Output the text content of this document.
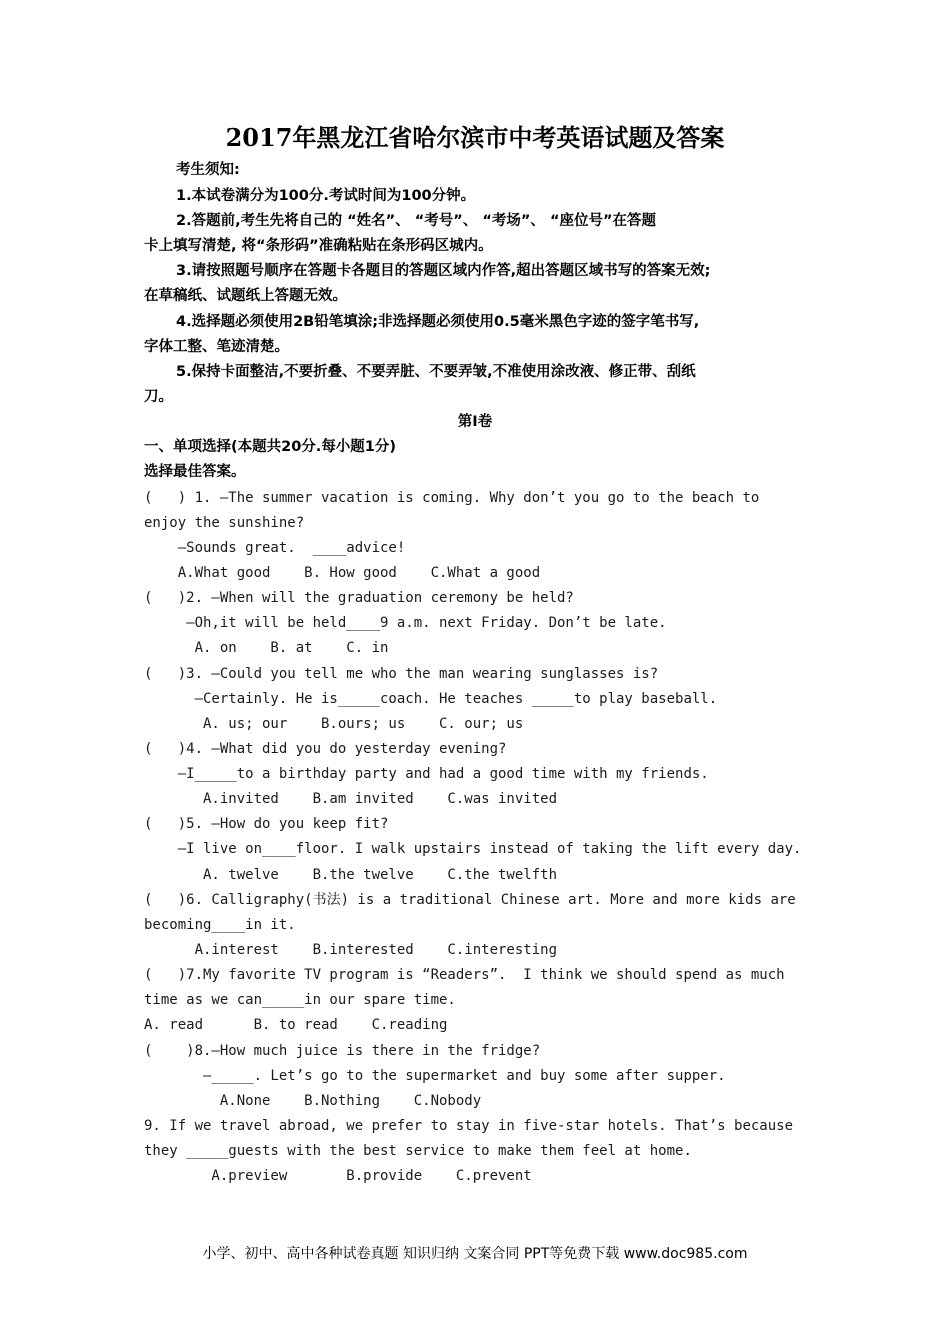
2017年黑龙江省哈尔滨市中考英语试题及答案
考生须知:
1.本试卷满分为100分.考试时间为100分钟。
2.答题前,考生先将自己的 “姓名”、 “考号”、 “考场”、 “座位号”在答题
卡上填写清楚, 将“条形码”准确粘贴在条形码区城内。
3.请按照题号顺序在答题卡各题目的答题区域内作答,超出答题区域书写的答案无效;
在草稿纸、试题纸上答题无效。
4.选择题必须使用2B铅笔填涂;非选择题必须使用0.5毫米黑色字迹的签字笔书写,
字体工整、笔迹清楚。
5.保持卡面整洁,不要折叠、不要弄脏、不要弄皱,不准使用涂改液、修正带、刮纸
刀。
第I卷
一、单项选择(本题共20分.每小题1分)
选择最佳答案。
(   ) 1. —The summer vacation is coming. Why don’t you go to the beach to
enjoy the sunshine?
—Sounds great.  ____advice!
A.What good    B. How good    C.What a good
(   )2. —When will the graduation ceremony be held?
—Oh,it will be held____9 a.m. next Friday. Don’t be late.
A. on    B. at    C. in
(   )3. —Could you tell me who the man wearing sunglasses is?
—Certainly. He is_____coach. He teaches _____to play baseball.
A. us; our    B.ours; us    C. our; us
(   )4. —What did you do yesterday evening?
—I_____to a birthday party and had a good time with my friends.
A.invited    B.am invited    C.was invited
(   )5. —How do you keep fit?
—I live on____floor. I walk upstairs instead of taking the lift every day.
A. twelve    B.the twelve    C.the twelfth
(   )6. Calligraphy(书法) is a traditional Chinese art. More and more kids are
becoming____in it.
A.interest    B.interested    C.interesting
(   )7.My favorite TV program is “Readers”.  I think we should spend as much
time as we can_____in our spare time.
A. read      B. to read    C.reading
(    )8.—How much juice is there in the fridge?
—_____. Let’s go to the supermarket and buy some after supper.
A.None    B.Nothing    C.Nobody
9. If we travel abroad, we prefer to stay in five-star hotels. That’s because
they _____guests with the best service to make them feel at home.
A.preview       B.provide    C.prevent
小学、初中、高中各种试卷真题 知识归纳 文案合同 PPT等免费下载 www.doc985.com
